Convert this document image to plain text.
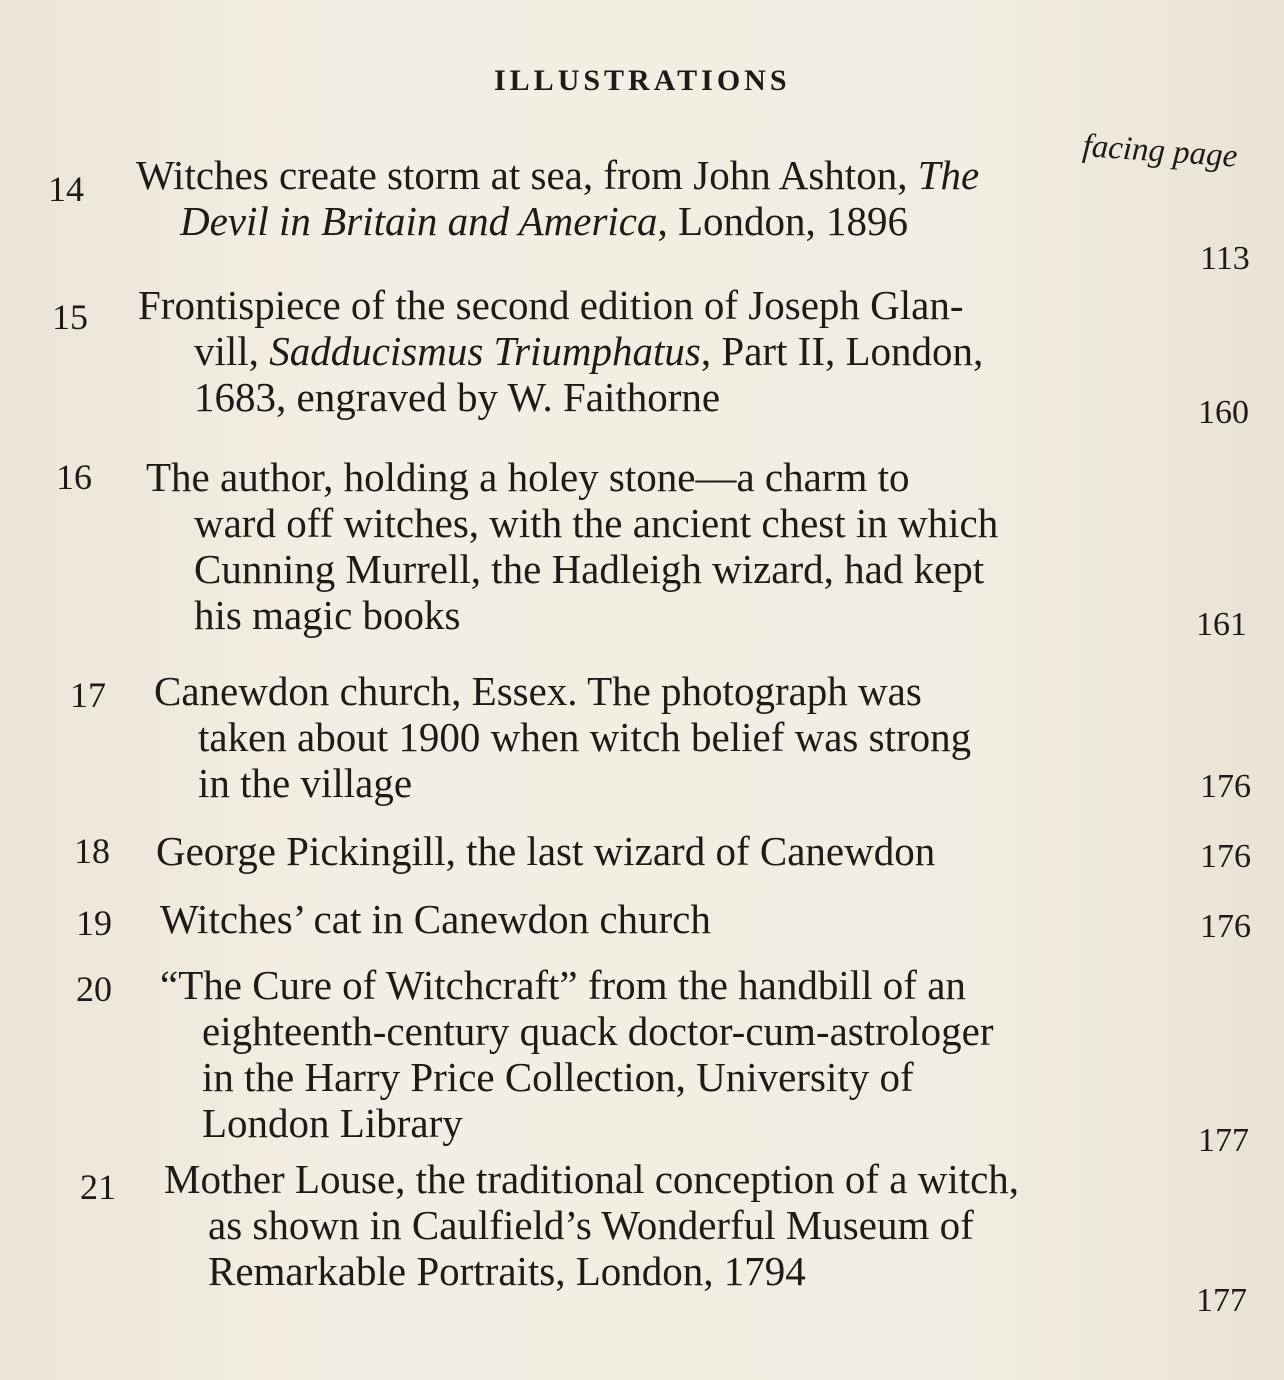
ILLUSTRATIONS
facing page
14 Witches create storm at sea, from John Ashton, The
Devil in Britain and America, London, 1896
113
15 Frontispiece of the second edition of Joseph Glan-
vill, Sadducismus Triumphatus, Part II, London,
1683, engraved by W. Faithorne	160
16 The author, holding a holey stone—a charm to
ward off witches, with the ancient chest in which
Cunning Murrell, the Hadleigh wizard, had kept
his magic books	161
17 Canewdon church, Essex. The photograph was
taken about 1900 when witch belief was strong
in the village	176
18 George Pickingill, the last wizard of Canewdon	176
19 Witches’ cat in Canewdon church	176
20 “The Cure of Witchcraft” from the handbill of an
eighteenth-century quack doctor-cum-astrologer
in the Harry Price Collection, University of
London Library	177
21 Mother Louse, the traditional conception of a witch,
as shown in Caulfield’s Wonderful Museum of
Remarkable Portraits, London, 1794
177
